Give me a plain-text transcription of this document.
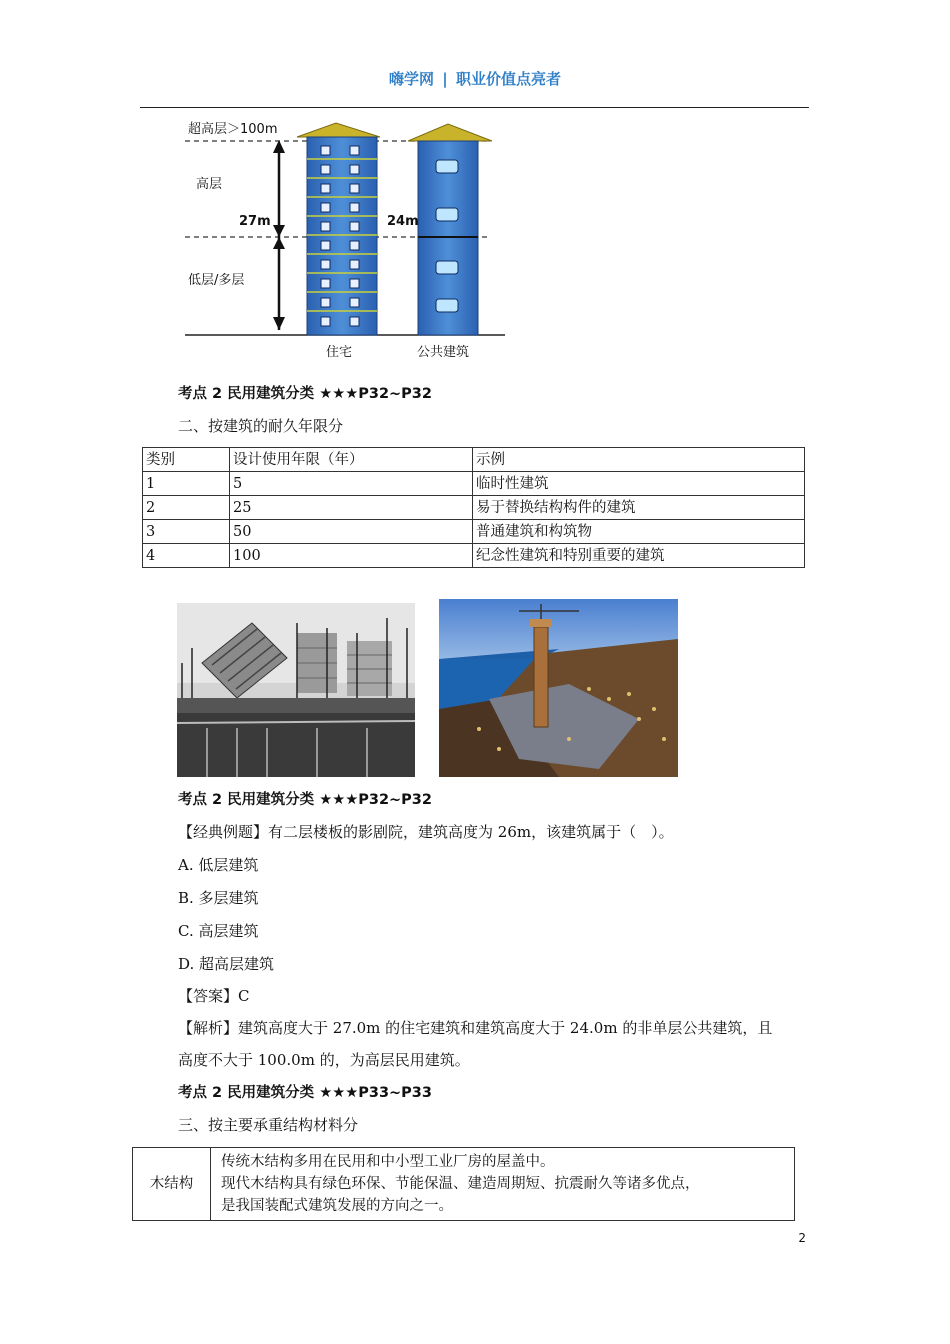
嗨学网 | 职业价值点亮者
超高层＞100m
高层
低层/多层
27m	24m
住宅	公共建筑
考点 2 民用建筑分类 ★★★P32~P32
二、按建筑的耐久年限分
类别	设计使用年限（年）	示例
1	5	临时性建筑
2	25	易于替换结构构件的建筑
3	50	普通建筑和构筑物
4	100	纪念性建筑和特别重要的建筑
考点 2 民用建筑分类 ★★★P32~P32
【经典例题】有二层楼板的影剧院，建筑高度为 26m，该建筑属于（　）。
A. 低层建筑
B. 多层建筑
C. 高层建筑
D. 超高层建筑
【答案】C
【解析】建筑高度大于 27.0m 的住宅建筑和建筑高度大于 24.0m 的非单层公共建筑，且
高度不大于 100.0m 的，为高层民用建筑。
考点 2 民用建筑分类 ★★★P33~P33
三、按主要承重结构材料分
木结构	
传统木结构多用在民用和中小型工业厂房的屋盖中。
现代木结构具有绿色环保、节能保温、建造周期短、抗震耐久等诸多优点，
是我国装配式建筑发展的方向之一。
2
